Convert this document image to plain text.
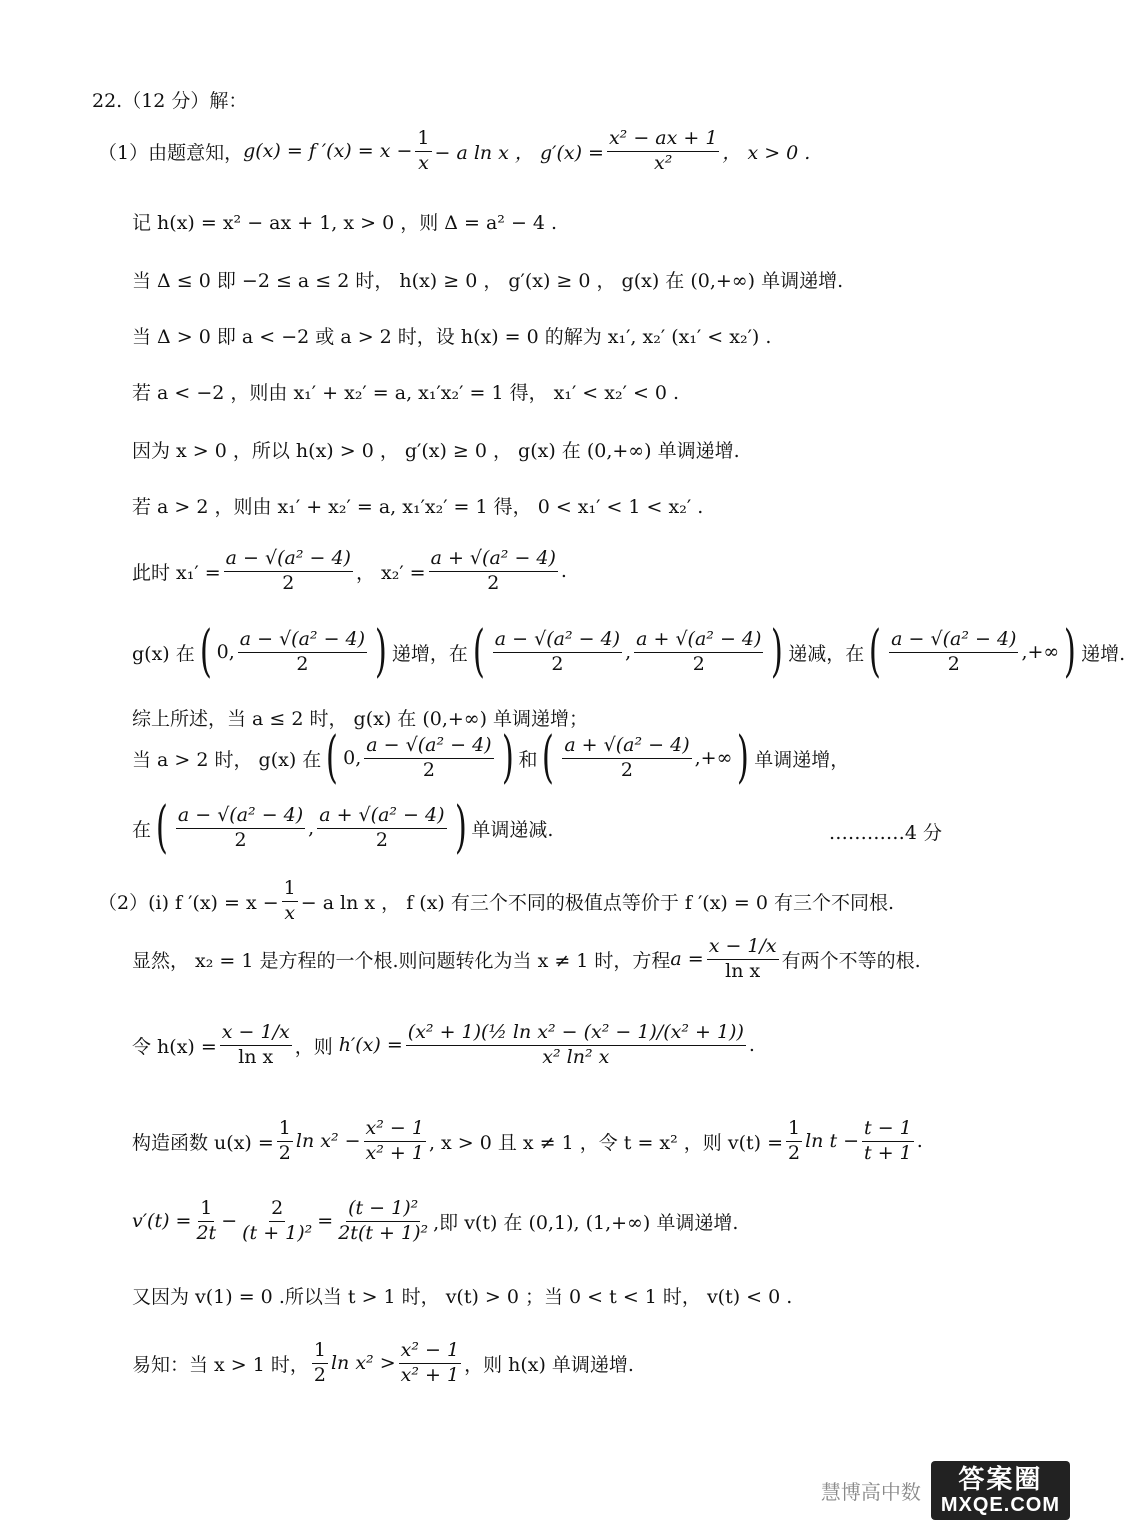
22.（12 分）解：
（1）由题意知， g(x) = f $'(x) = x - \frac{1}{x} - a$ ln x ， $g'(x) = \frac{\text{x² − ax + 1}}{\text{x²}}$ ， x > 0 .
记 h(x) = x² − ax + 1, x > 0 ，则 Δ = a² − 4 .
当 Δ ≤ 0 即 −2 ≤ a ≤ 2 时， h(x) ≥ 0 ， g′(x) ≥ 0 ， g(x) 在 (0,+∞) 单调递增.
当 Δ > 0 即 a < −2 或 a > 2 时，设 h(x) = 0 的解为 x₁′, x₂′ (x₁′ < x₂′) .
若 a < −2 ，则由 x₁′ + x₂′ = a, x₁′x₂′ = 1 得， x₁′ < x₂′ < 0 .
因为 x > 0 ，所以 h(x) > 0 ， g′(x) ≥ 0 ， g(x) 在 (0,+∞) 单调递增.
若 a > 2 ，则由 x₁′ + x₂′ = a, x₁′x₂′ = 1 得， 0 < x₁′ < 1 < x₂′ .
此时 $x_1' = \frac{\text{a − √(a² − 4)}}{2}$ ， $x_2' = \frac{\text{a + √(a² − 4)}}{2}$ .
g(x) 在 ( 0, $\frac{\text{a − √(a² − 4)}}{2}$ ) 递增，在 ( $\frac{\text{a − √(a² − 4)}}{2}$ , $\frac{\text{a + √(a² − 4)}}{2}$ ) 递减，在 ( $\frac{\text{a − √(a² − 4)}}{2}$ ,+∞ ) 递增.
综上所述，当 a ≤ 2 时， g(x) 在 (0,+∞) 单调递增；
当 a > 2 时， g(x) 在 ( 0, $\frac{\text{a − √(a² − 4)}}{2}$ ) 和 ( $\frac{\text{a + √(a² − 4)}}{2}$ ,+∞ ) 单调递增，
在 ( $\frac{\text{a − √(a² − 4)}}{2}$ , $\frac{\text{a + √(a² − 4)}}{2}$ ) 单调递减.	…………4 分
（2）(i) f $'(x) = x - \frac{1}{x} - a$ ln x ， f (x) 有三个不同的极值点等价于 f ′(x) = 0 有三个不同根.
显然， x₂ = 1 是方程的一个根.则问题转化为当 x ≠ 1 时，方程 $a = \frac{x - 1/x}{\text{ln x}}$ 有两个不等的根.
令 $h(x) = \frac{x - 1/x}{\text{ln x}}$ ，则 $h'(x) = \frac{\text{(x² + 1)(½ ln x² − (x² − 1)/(x² + 1))}}{\text{x² ln² x}}$ .
构造函数 $u(x) = \frac{1}{2}$ $\ln x^2 - \frac{\text{x² − 1}}{\text{x² + 1}}$ , x > 0 且 x ≠ 1 ，令 t = x² ，则 $v(t) = \frac{1}{2}$ $\ln t - \frac{t - 1}{t + 1}$ .
$v'(t) = \frac{1}{2t} - \frac{2}{\text{(t + 1)²}} = \frac{\text{(t − 1)²}}{\text{2t(t + 1)²}}$ ,即 v(t) 在 (0,1), (1,+∞) 单调递增.
又因为 v(1) = 0 .所以当 t > 1 时， v(t) > 0 ；当 0 < t < 1 时， v(t) < 0 .
易知：当 x > 1 时， $\frac{1}{2}$ $\ln x^2 > \frac{\text{x² − 1}}{\text{x² + 1}}$ ，则 h(x) 单调递增.
慧博高中数	答案圈
MXQE.COM
